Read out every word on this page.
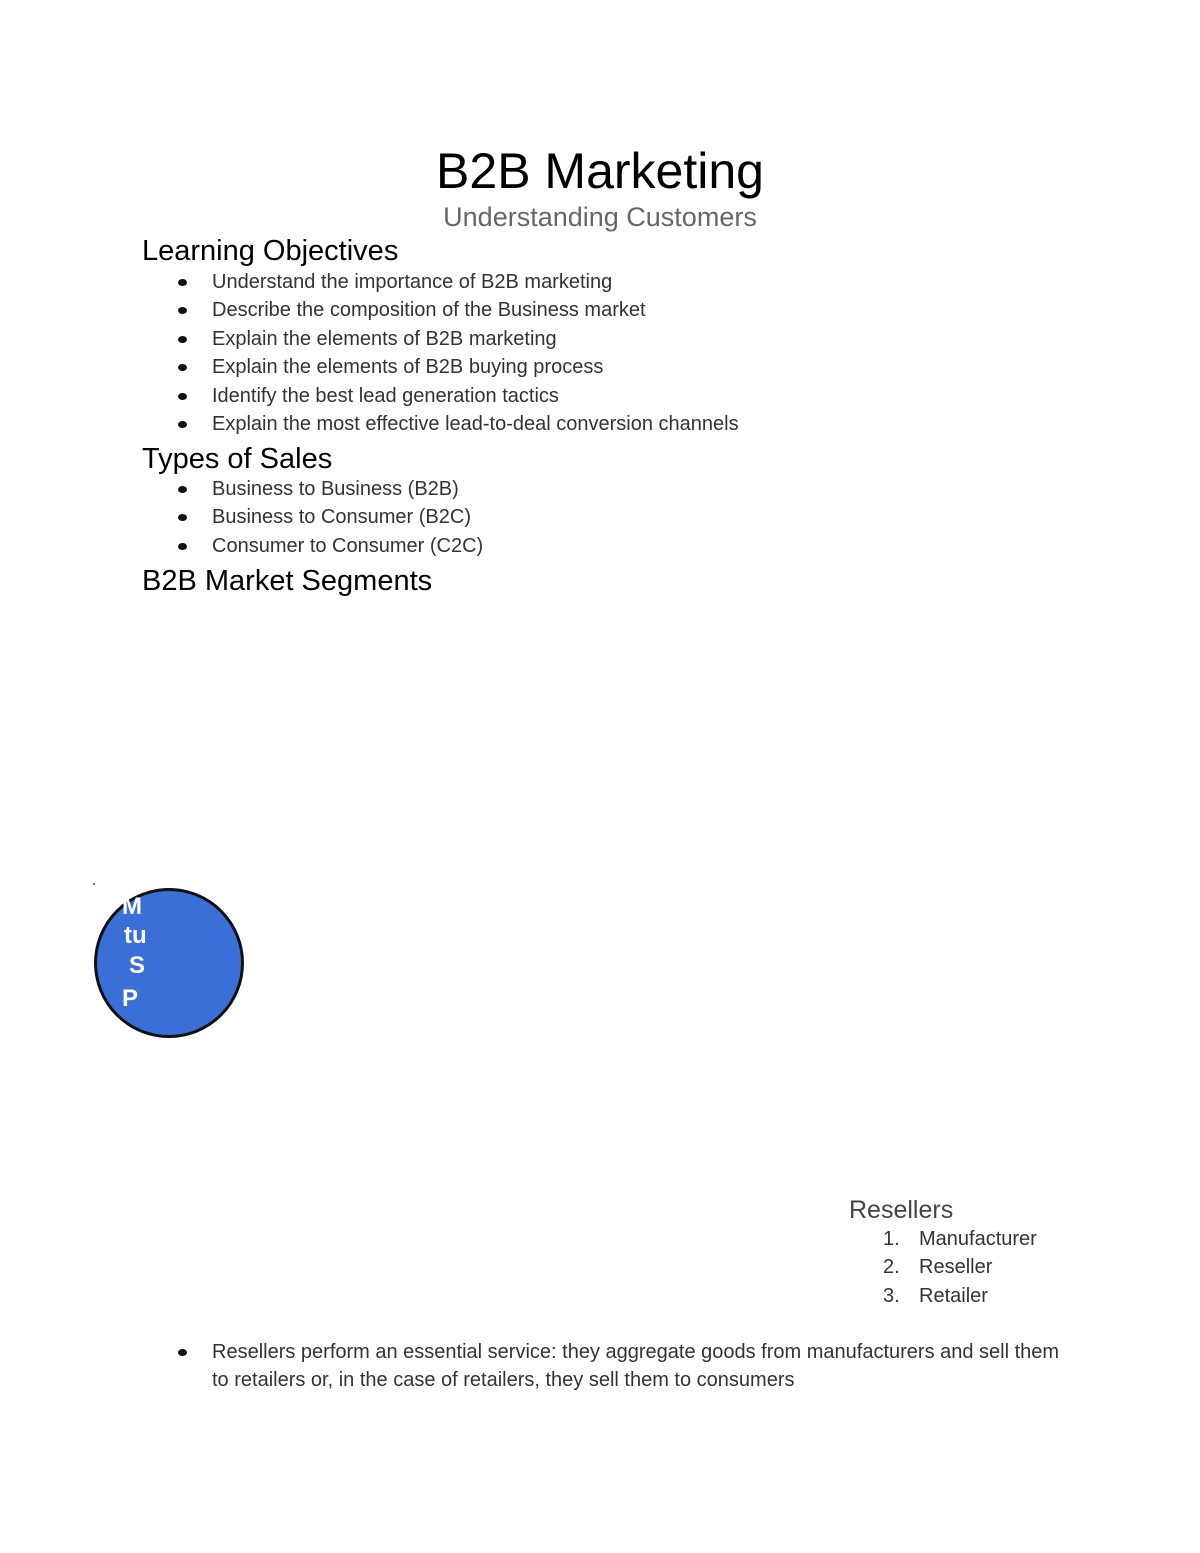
B2B Marketing
Understanding Customers
Learning Objectives
Understand the importance of B2B marketing
Describe the composition of the Business market
Explain the elements of B2B marketing
Explain the elements of B2B buying process
Identify the best lead generation tactics
Explain the most effective lead-to-deal conversion channels
Types of Sales
Business to Business (B2B)
Business to Consumer (B2C)
Consumer to Consumer (C2C)
B2B Market Segments
M
tu
S
P
Resellers
1. Manufacturer
2. Reseller
3. Retailer
Resellers perform an essential service: they aggregate goods from manufacturers and sell them to retailers or, in the case of retailers, they sell them to consumers
